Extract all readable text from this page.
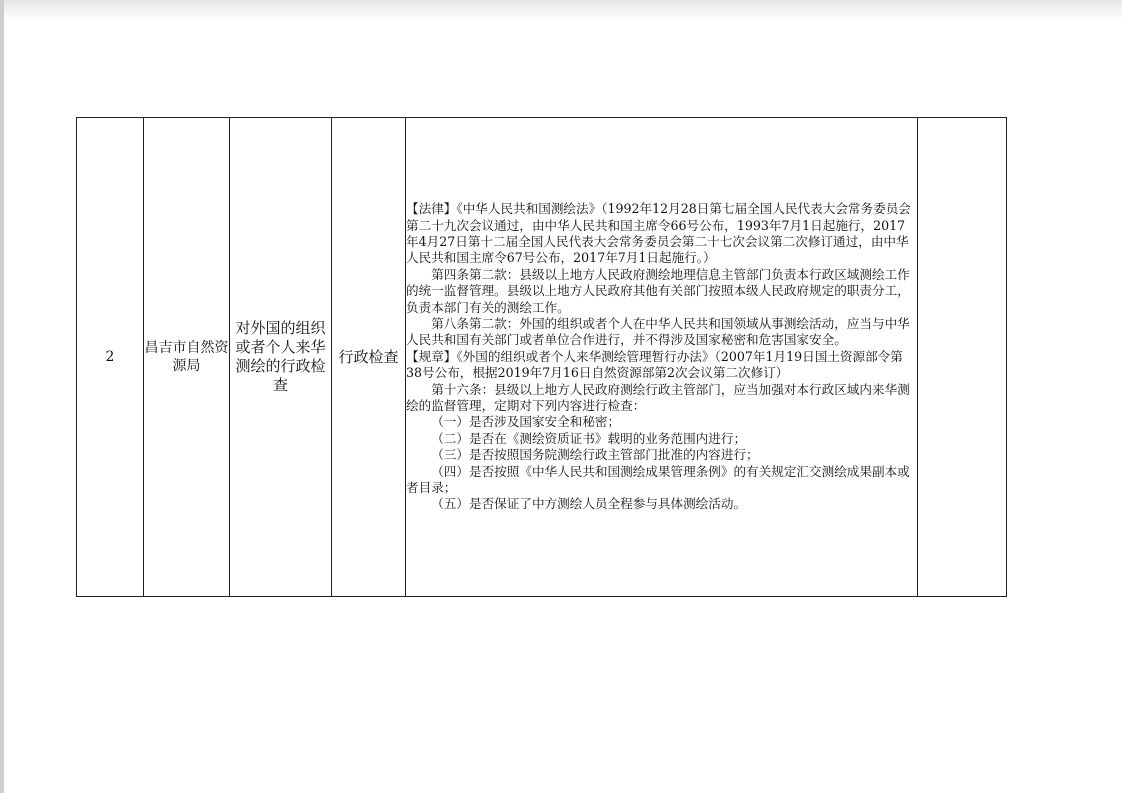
2	昌吉市自然资源局	对外国的组织或者个人来华测绘的行政检查	行政检查	

【法律】《中华人民共和国测绘法》（1992年12月28日第七届全国人民代表大会常务委员会第二十九次会议通过，由中华人民共和国主席令66号公布，1993年7月1日起施行，2017年4月27日第十二届全国人民代表大会常务委员会第二十七次会议第二次修订通过，由中华人民共和国主席令67号公布，2017年7月1日起施行。）

第四条第二款：县级以上地方人民政府测绘地理信息主管部门负责本行政区域测绘工作的统一监督管理。县级以上地方人民政府其他有关部门按照本级人民政府规定的职责分工，负责本部门有关的测绘工作。

第八条第二款：外国的组织或者个人在中华人民共和国领域从事测绘活动，应当与中华人民共和国有关部门或者单位合作进行，并不得涉及国家秘密和危害国家安全。

【规章】《外国的组织或者个人来华测绘管理暂行办法》（2007年1月19日国土资源部令第38号公布，根据2019年7月16日自然资源部第2次会议第二次修订）

第十六条：县级以上地方人民政府测绘行政主管部门，应当加强对本行政区域内来华测绘的监督管理，定期对下列内容进行检查：

（一）是否涉及国家安全和秘密；

（二）是否在《测绘资质证书》载明的业务范围内进行；

（三）是否按照国务院测绘行政主管部门批准的内容进行；

（四）是否按照《中华人民共和国测绘成果管理条例》的有关规定汇交测绘成果副本或者目录；

（五）是否保证了中方测绘人员全程参与具体测绘活动。
